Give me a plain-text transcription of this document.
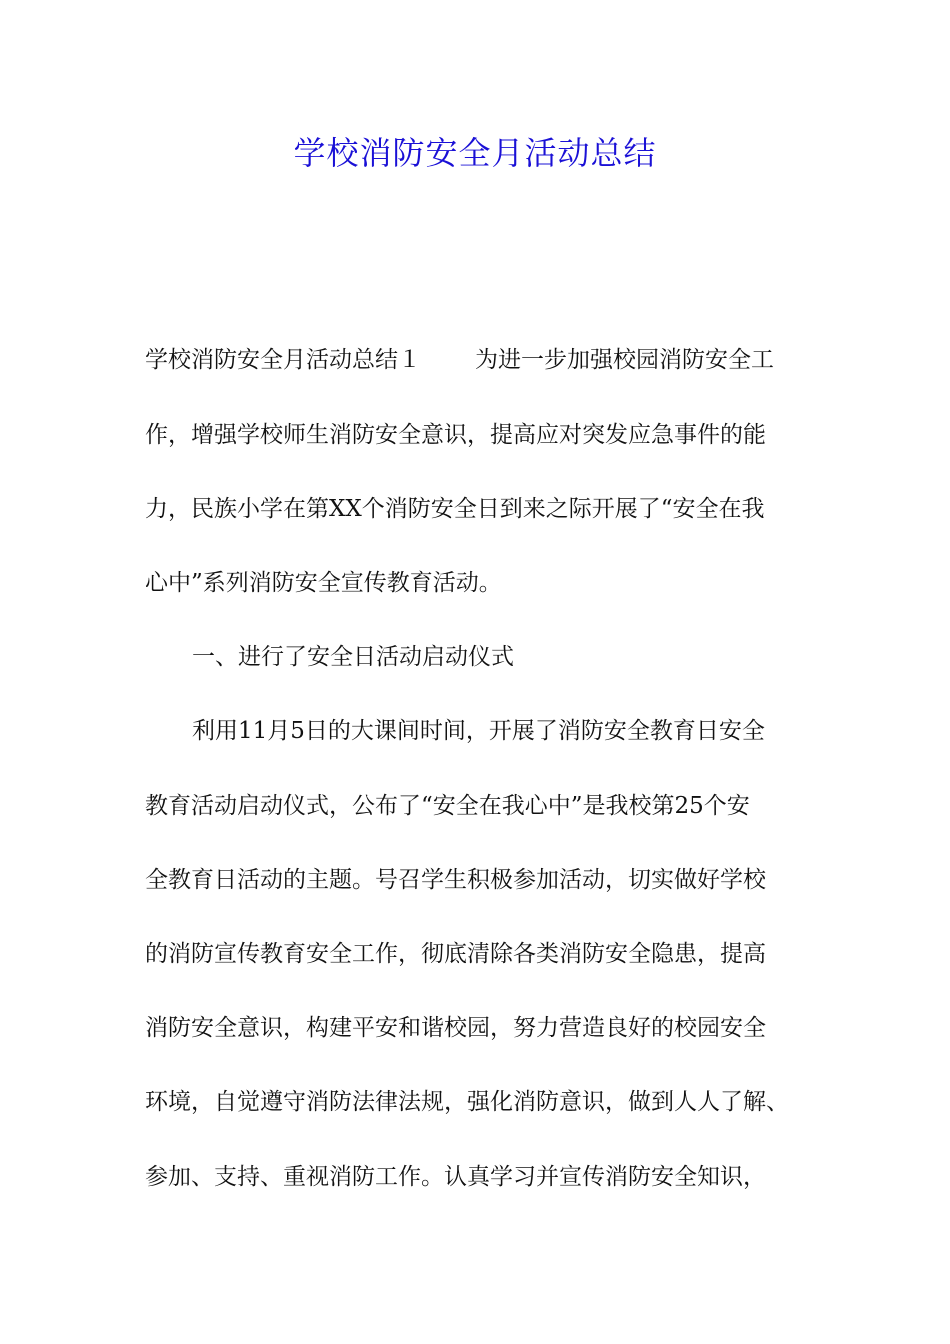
学校消防安全月活动总结

学校消防安全月活动总结１ 为进一步加强校园消防安全工

作，增强学校师生消防安全意识，提高应对突发应急事件的能

力，民族小学在第XX个消防安全日到来之际开展了“安全在我

心中”系列消防安全宣传教育活动。

一、进行了安全日活动启动仪式

利用11月5日的大课间时间，开展了消防安全教育日安全

教育活动启动仪式，公布了“安全在我心中”是我校第25个安

全教育日活动的主题。号召学生积极参加活动，切实做好学校

的消防宣传教育安全工作，彻底清除各类消防安全隐患，提高

消防安全意识，构建平安和谐校园，努力营造良好的校园安全

环境，自觉遵守消防法律法规，强化消防意识，做到人人了解、

参加、支持、重视消防工作。认真学习并宣传消防安全知识，
